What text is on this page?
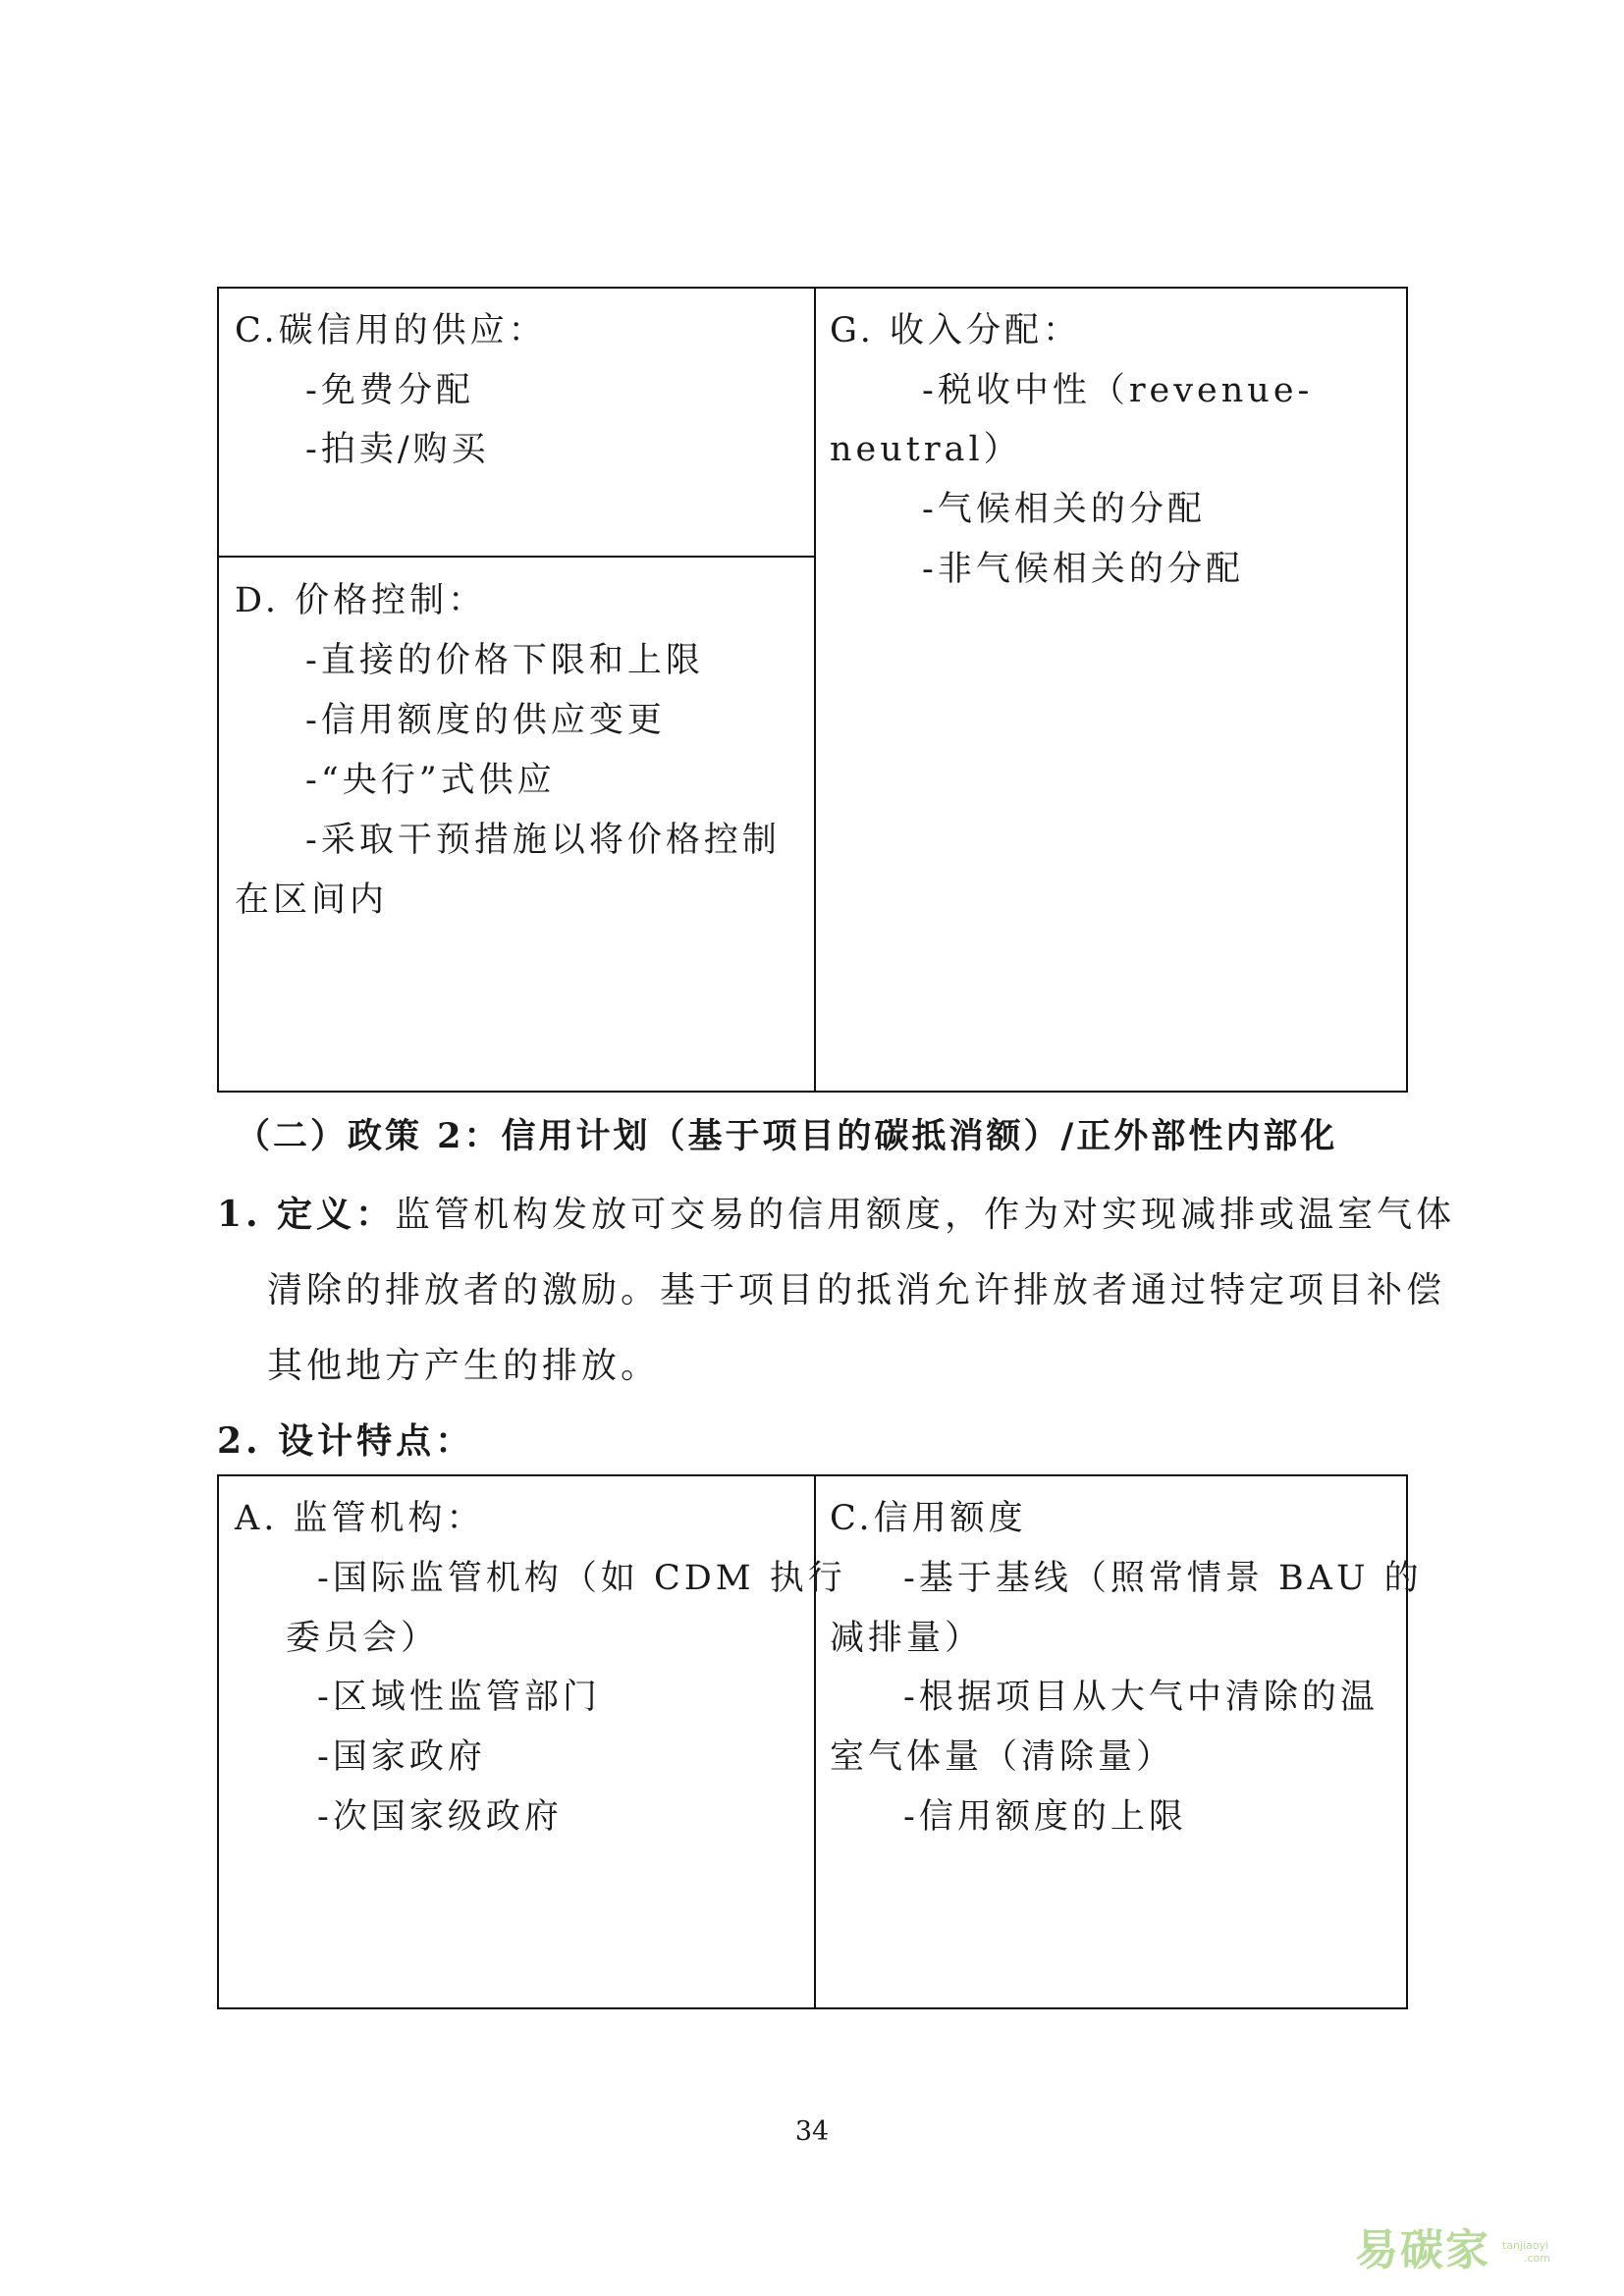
C.碳信用的供应：
-免费分配
-拍卖/购买
D. 价格控制：
-直接的价格下限和上限
-信用额度的供应变更
-“央行”式供应
-采取干预措施以将价格控制
在区间内
G. 收入分配：
-税收中性（revenue-
neutral）
-气候相关的分配
-非气候相关的分配
（二）政策 2：信用计划（基于项目的碳抵消额）/正外部性内部化
1. 定义：监管机构发放可交易的信用额度，作为对实现减排或温室气体
清除的排放者的激励。基于项目的抵消允许排放者通过特定项目补偿
其他地方产生的排放。
2. 设计特点：
A. 监管机构：
-国际监管机构（如 CDM 执行
委员会）
-区域性监管部门
-国家政府
-次国家级政府
C.信用额度
-基于基线（照常情景 BAU 的
减排量）
-根据项目从大气中清除的温
室气体量（清除量）
-信用额度的上限
34
易碳家 tanjiaoyi
.com
